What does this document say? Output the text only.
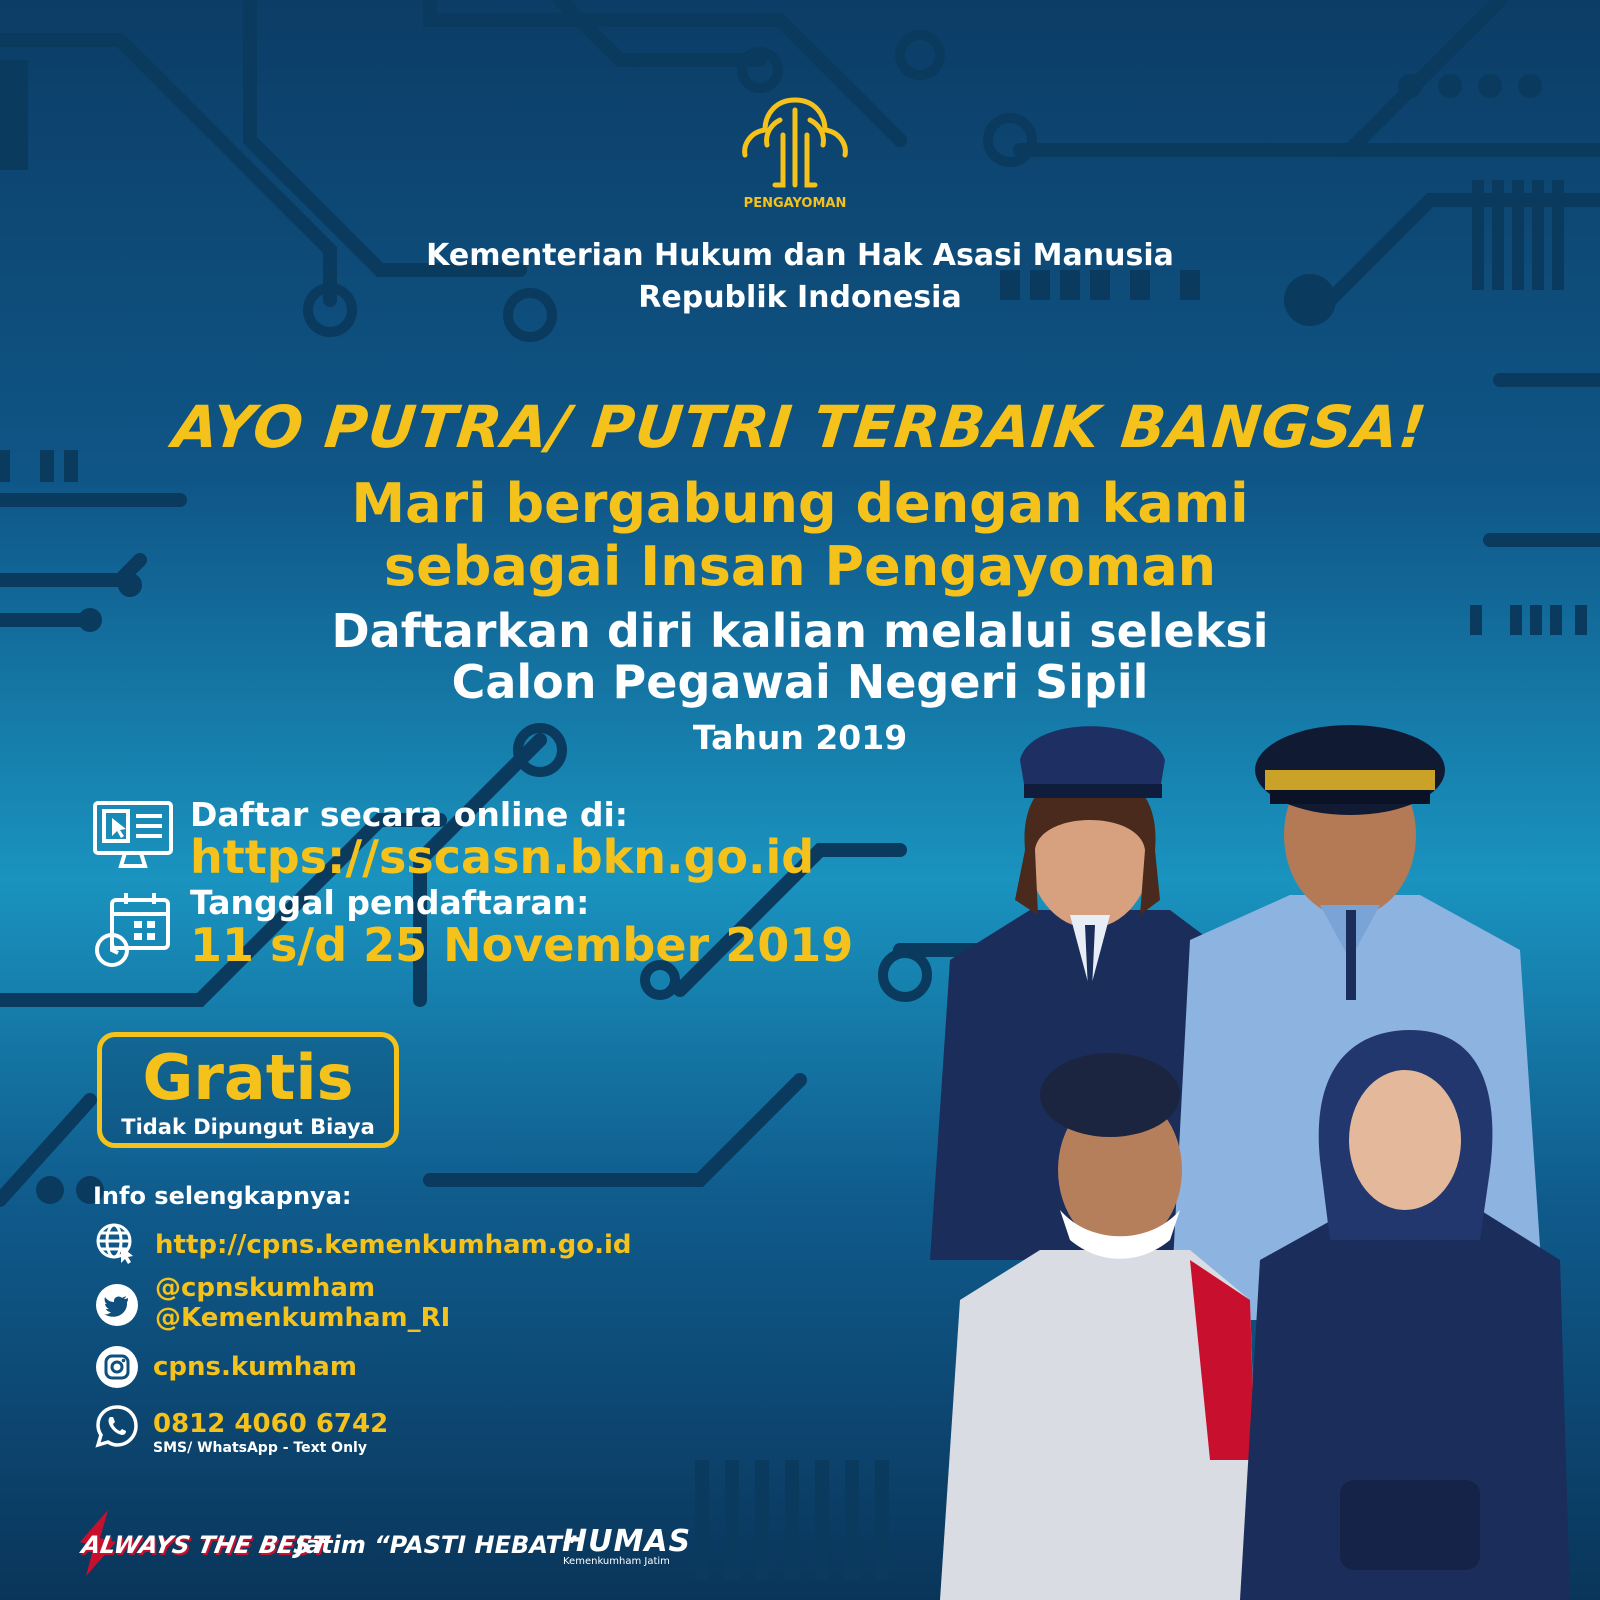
PENGAYOMAN
Kementerian Hukum dan Hak Asasi Manusia
Republik Indonesia
AYO PUTRA/ PUTRI TERBAIK BANGSA!
Mari bergabung dengan kami
sebagai Insan Pengayoman
Daftarkan diri kalian melalui seleksi
Calon Pegawai Negeri Sipil
Tahun 2019
Daftar secara online di:
https://sscasn.bkn.go.id
Tanggal pendaftaran:
11 s/d 25 November 2019
Gratis
Tidak Dipungut Biaya
Info selengkapnya:
http://cpns.kemenkumham.go.id
@cpnskumham
@Kemenkumham_RI
cpns.kumham
0812 4060 6742
SMS/ WhatsApp - Text Only
ALWAYS THE BEST
Jatim “PASTI HEBAT”
HUMAS
Kemenkumham Jatim
